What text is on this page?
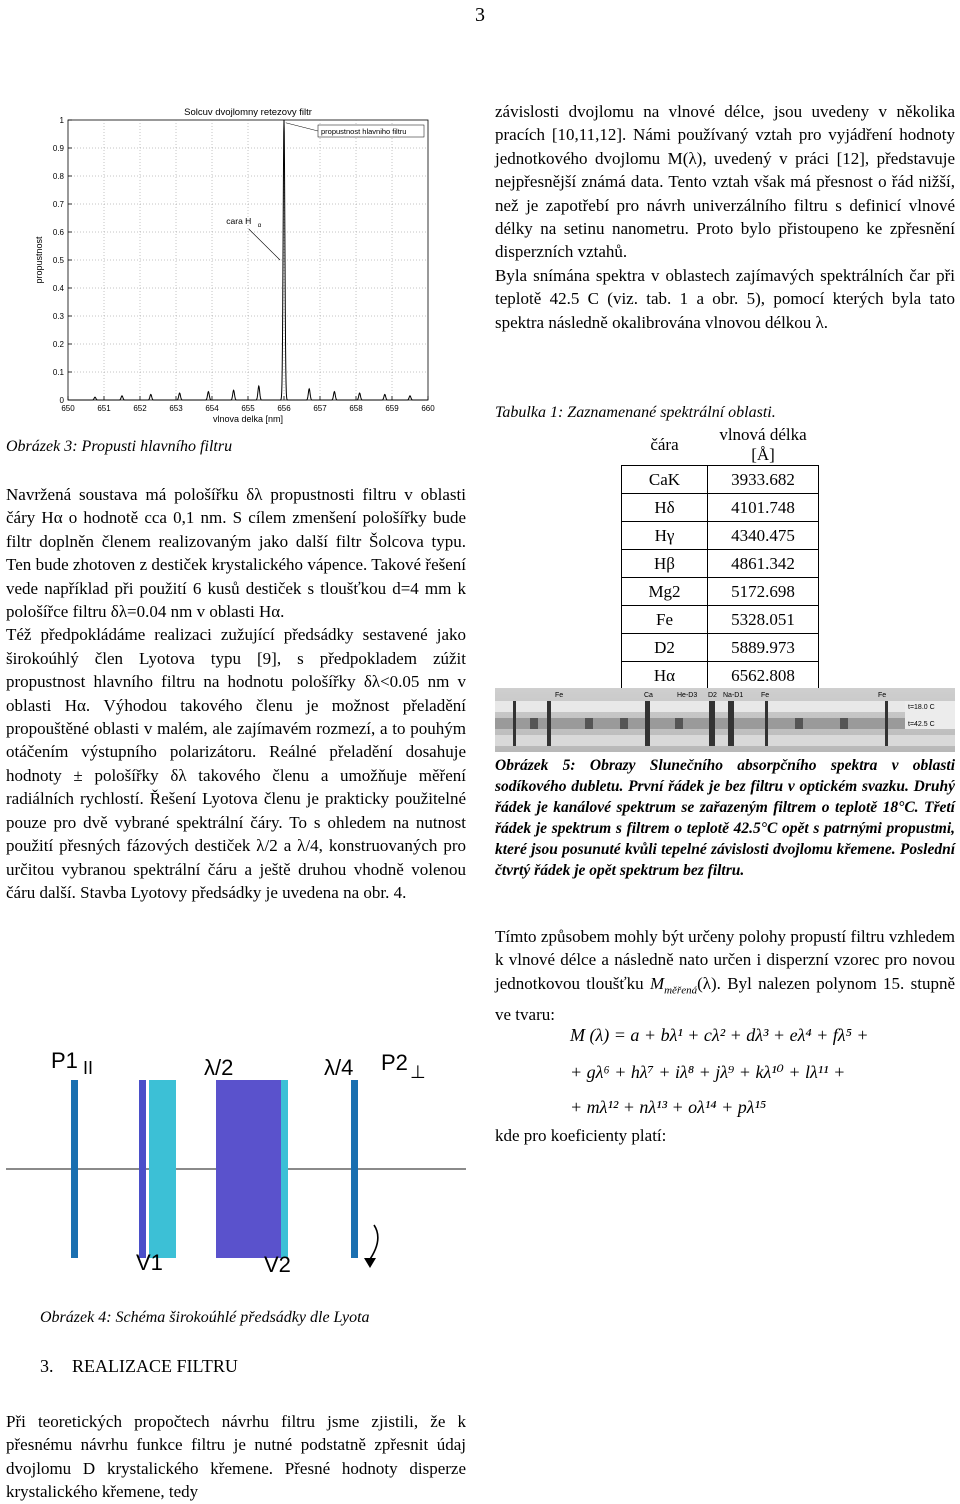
3
0
0.1
0.2
0.3
0.4
0.5
0.6
0.7
0.8
0.9
1
650	651	652	653	654	655	656	657	658	659	660
Solcuv dvojlomny retezovy filtr
vlnova delka [nm]
propustnost
cara H α
propustnost hlavniho filtru
Obrázek 3: Propusti hlavního filtru

Navržená soustava má pološířku δλ propustnosti filtru v oblasti čáry Hα o hodnotě cca 0,1 nm. S cílem zmenšení pološířky bude filtr doplněn členem realizovaným jako další filtr Šolcova typu. Ten bude zhotoven z destiček krystalického vápence. Takové řešení vede například při použití 6 kusů destiček s tloušťkou d=4 mm k pološířce filtru δλ=0.04 nm v oblasti Hα.

Též předpokládáme realizaci zužující předsádky sestavené jako širokoúhlý člen Lyotova typu [9], s předpokladem zúžit propustnost hlavního filtru na hodnotu pološířky δλ<0.05 nm v oblasti Hα. Výhodou takového členu je možnost přeladění propouštěné oblasti v malém, ale zajímavém rozmezí, a to pouhým otáčením výstupního polarizátoru. Reálné přeladění dosahuje hodnoty ± pološířky δλ takového členu a umožňuje měření radiálních rychlostí. Řešení Lyotova členu je prakticky použitelné pouze pro dvě vybrané spektrální čáry. To s ohledem na nutnost použití přesných fázových destiček λ/2 a λ/4, konstruovaných pro určitou vybranou spektrální čáru a ještě druhou vhodně volenou čáru další. Stavba Lyotovy předsádky je uvedena na obr. 4.

P1 II	λ/2	λ/4 P2 ⊥
V1	V2
Obrázek 4: Schéma širokoúhlé předsádky dle Lyota
3. REALIZACE FILTRU

Při teoretických propočtech návrhu filtru jsme zjistili, že k přesnému návrhu funkce filtru je nutné podstatně zpřesnit údaj dvojlomu D krystalického křemene. Přesné hodnoty disperze krystalického křemene, tedy

závislosti dvojlomu na vlnové délce, jsou uvedeny v několika pracích [10,11,12]. Námi používaný vztah pro vyjádření hodnoty jednotkového dvojlomu M(λ), uvedený v práci [12], představuje nejpřesnější známá data. Tento vztah však má přesnost o řád nižší, než je zapotřebí pro návrh univerzálního filtru s definicí vlnové délky na setinu nanometru. Proto bylo přistoupeno ke zpřesnění disperzních vztahů.

Byla snímána spektra v oblastech zajímavých spektrálních čar při teplotě 42.5 C (viz. tab. 1 a obr. 5), pomocí kterých byla tato spektra následně okalibrována vlnovou délkou λ.

Tabulka 1: Zaznamenané spektrální oblasti.
čára	vlnová délka [Å]
CaK	3933.682
Hδ	4101.748
Hγ	4340.475
Hβ	4861.342
Mg2	5172.698
Fe	5328.051
D2	5889.973
Hα	6562.808
Fe	Ca	He-D3 D2 Na-D1	Fe	Fe
t=18.0 C
t=42.5 C
Obrázek 5: Obrazy Slunečního absorpčního spektra v oblasti sodíkového dubletu. První řádek je bez filtru v optickém svazku. Druhý řádek je kanálové spektrum se zařazeným filtrem o teplotě 18°C. Třetí řádek je spektrum s filtrem o teplotě 42.5°C opět s patrnými propustmi, které jsou posunuté kvůli tepelné závislosti dvojlomu křemene. Poslední čtvrtý řádek je opět spektrum bez filtru.

Tímto způsobem mohly být určeny polohy propustí filtru vzhledem k vlnové délce a následně nato určen i disperzní vzorec pro novou jednotkovou tloušťku $M_{měřená}(\lambda)$. Byl nalezen polynom 15. stupně ve tvaru:

M (λ) = a + bλ¹ + cλ² + dλ³ + eλ⁴ + fλ⁵ +
+ gλ⁶ + hλ⁷ + iλ⁸ + jλ⁹ + kλ¹⁰ + lλ¹¹ +
+ mλ¹² + nλ¹³ + oλ¹⁴ + pλ¹⁵
kde pro koeficienty platí:
